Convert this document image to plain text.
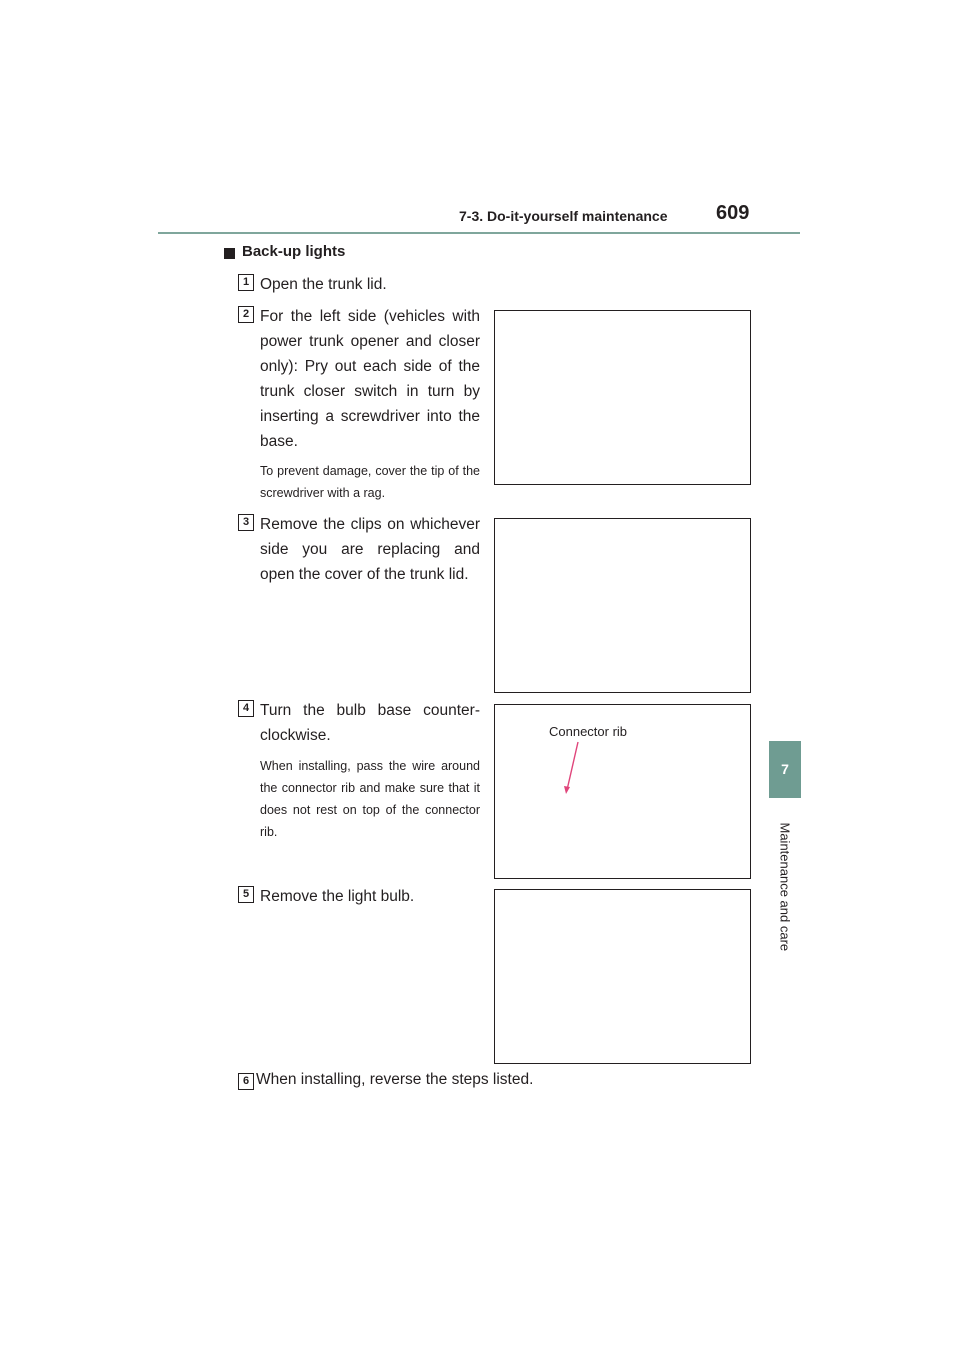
7-3. Do-it-yourself maintenance 609
7
Maintenance and care
Back-up lights
1 Open the trunk lid.
2 For the left side (vehicles with power trunk opener and closer only): Pry out each side of the trunk closer switch in turn by inserting a screwdriver into the base.
To prevent damage, cover the tip of the screwdriver with a rag.
3 Remove the clips on whichever side you are replacing and open the cover of the trunk lid.
4 Turn the bulb base counter-clockwise.
When installing, pass the wire around the connector rib and make sure that it does not rest on top of the connector rib.
Connector rib
5 Remove the light bulb.
6 When installing, reverse the steps listed.
